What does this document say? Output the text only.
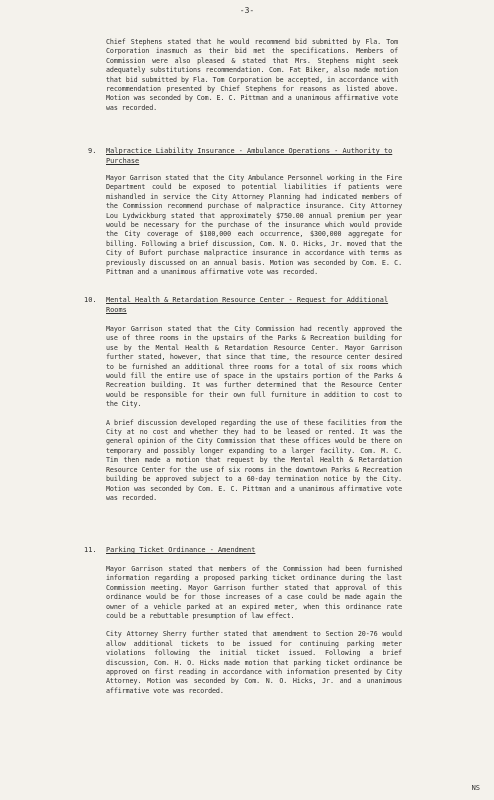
-3-

Chief Stephens stated that he would recommend bid submitted by Fla. Tom Corporation inasmuch as their bid met the specifications. Members of Commission were also pleased & stated that Mrs. Stephens might seek adequately substitutions recommendation. Com. Fat Biker, also made motion that bid submitted by Fla. Tom Corporation be accepted, in accordance with recommendation presented by Chief Stephens for reasons as listed above. Motion was seconded by Com. E. C. Pittman and a unanimous affirmative vote was recorded.

9. Malpractice Liability Insurance - Ambulance Operations - Authority to Purchase

Mayor Garrison stated that the City Ambulance Personnel working in the Fire Department could be exposed to potential liabilities if patients were mishandled in service the City Attorney Planning had indicated members of the Commission recommend purchase of malpractice insurance. City Attorney Lou Lydwickburg stated that approximately $750.00 annual premium per year would be necessary for the purchase of the insurance which would provide the City coverage of $100,000 each occurrence, $300,000 aggregate for billing. Following a brief discussion, Com. N. O. Hicks, Jr. moved that the City of Bufort purchase malpractice insurance in accordance with terms as previously discussed on an annual basis. Motion was seconded by Com. E. C. Pittman and a unanimous affirmative vote was recorded.

10. Mental Health & Retardation Resource Center - Request for Additional Rooms

Mayor Garrison stated that the City Commission had recently approved the use of three rooms in the upstairs of the Parks & Recreation building for use by the Mental Health & Retardation Resource Center. Mayor Garrison further stated, however, that since that time, the resource center desired to be furnished an additional three rooms for a total of six rooms which would fill the entire use of space in the upstairs portion of the Parks & Recreation building. It was further determined that the Resource Center would be responsible for their own full furniture in addition to cost to the City.

A brief discussion developed regarding the use of these facilities from the City at no cost and whether they had to be leased or rented. It was the general opinion of the City Commission that these offices would be there on temporary and possibly longer expanding to a larger facility. Com. M. C. Tim then made a motion that request by the Mental Health & Retardation Resource Center for the use of six rooms in the downtown Parks & Recreation building be approved subject to a 60-day termination notice by the City. Motion was seconded by Com. E. C. Pittman and a unanimous affirmative vote was recorded.

11. Parking Ticket Ordinance - Amendment

Mayor Garrison stated that members of the Commission had been furnished information regarding a proposed parking ticket ordinance during the last Commission meeting. Mayor Garrison further stated that approval of this ordinance would be for those increases of a case could be made again the owner of a vehicle parked at an expired meter, when this ordinance rate could be a rebuttable presumption of law effect.

City Attorney Sherry further stated that amendment to Section 20-76 would allow additional tickets to be issued for continuing parking meter violations following the initial ticket issued. Following a brief discussion, Com. H. O. Hicks made motion that parking ticket ordinance be approved on first reading in accordance with information presented by City Attorney. Motion was seconded by Com. N. O. Hicks, Jr. and a unanimous affirmative vote was recorded.

NS
